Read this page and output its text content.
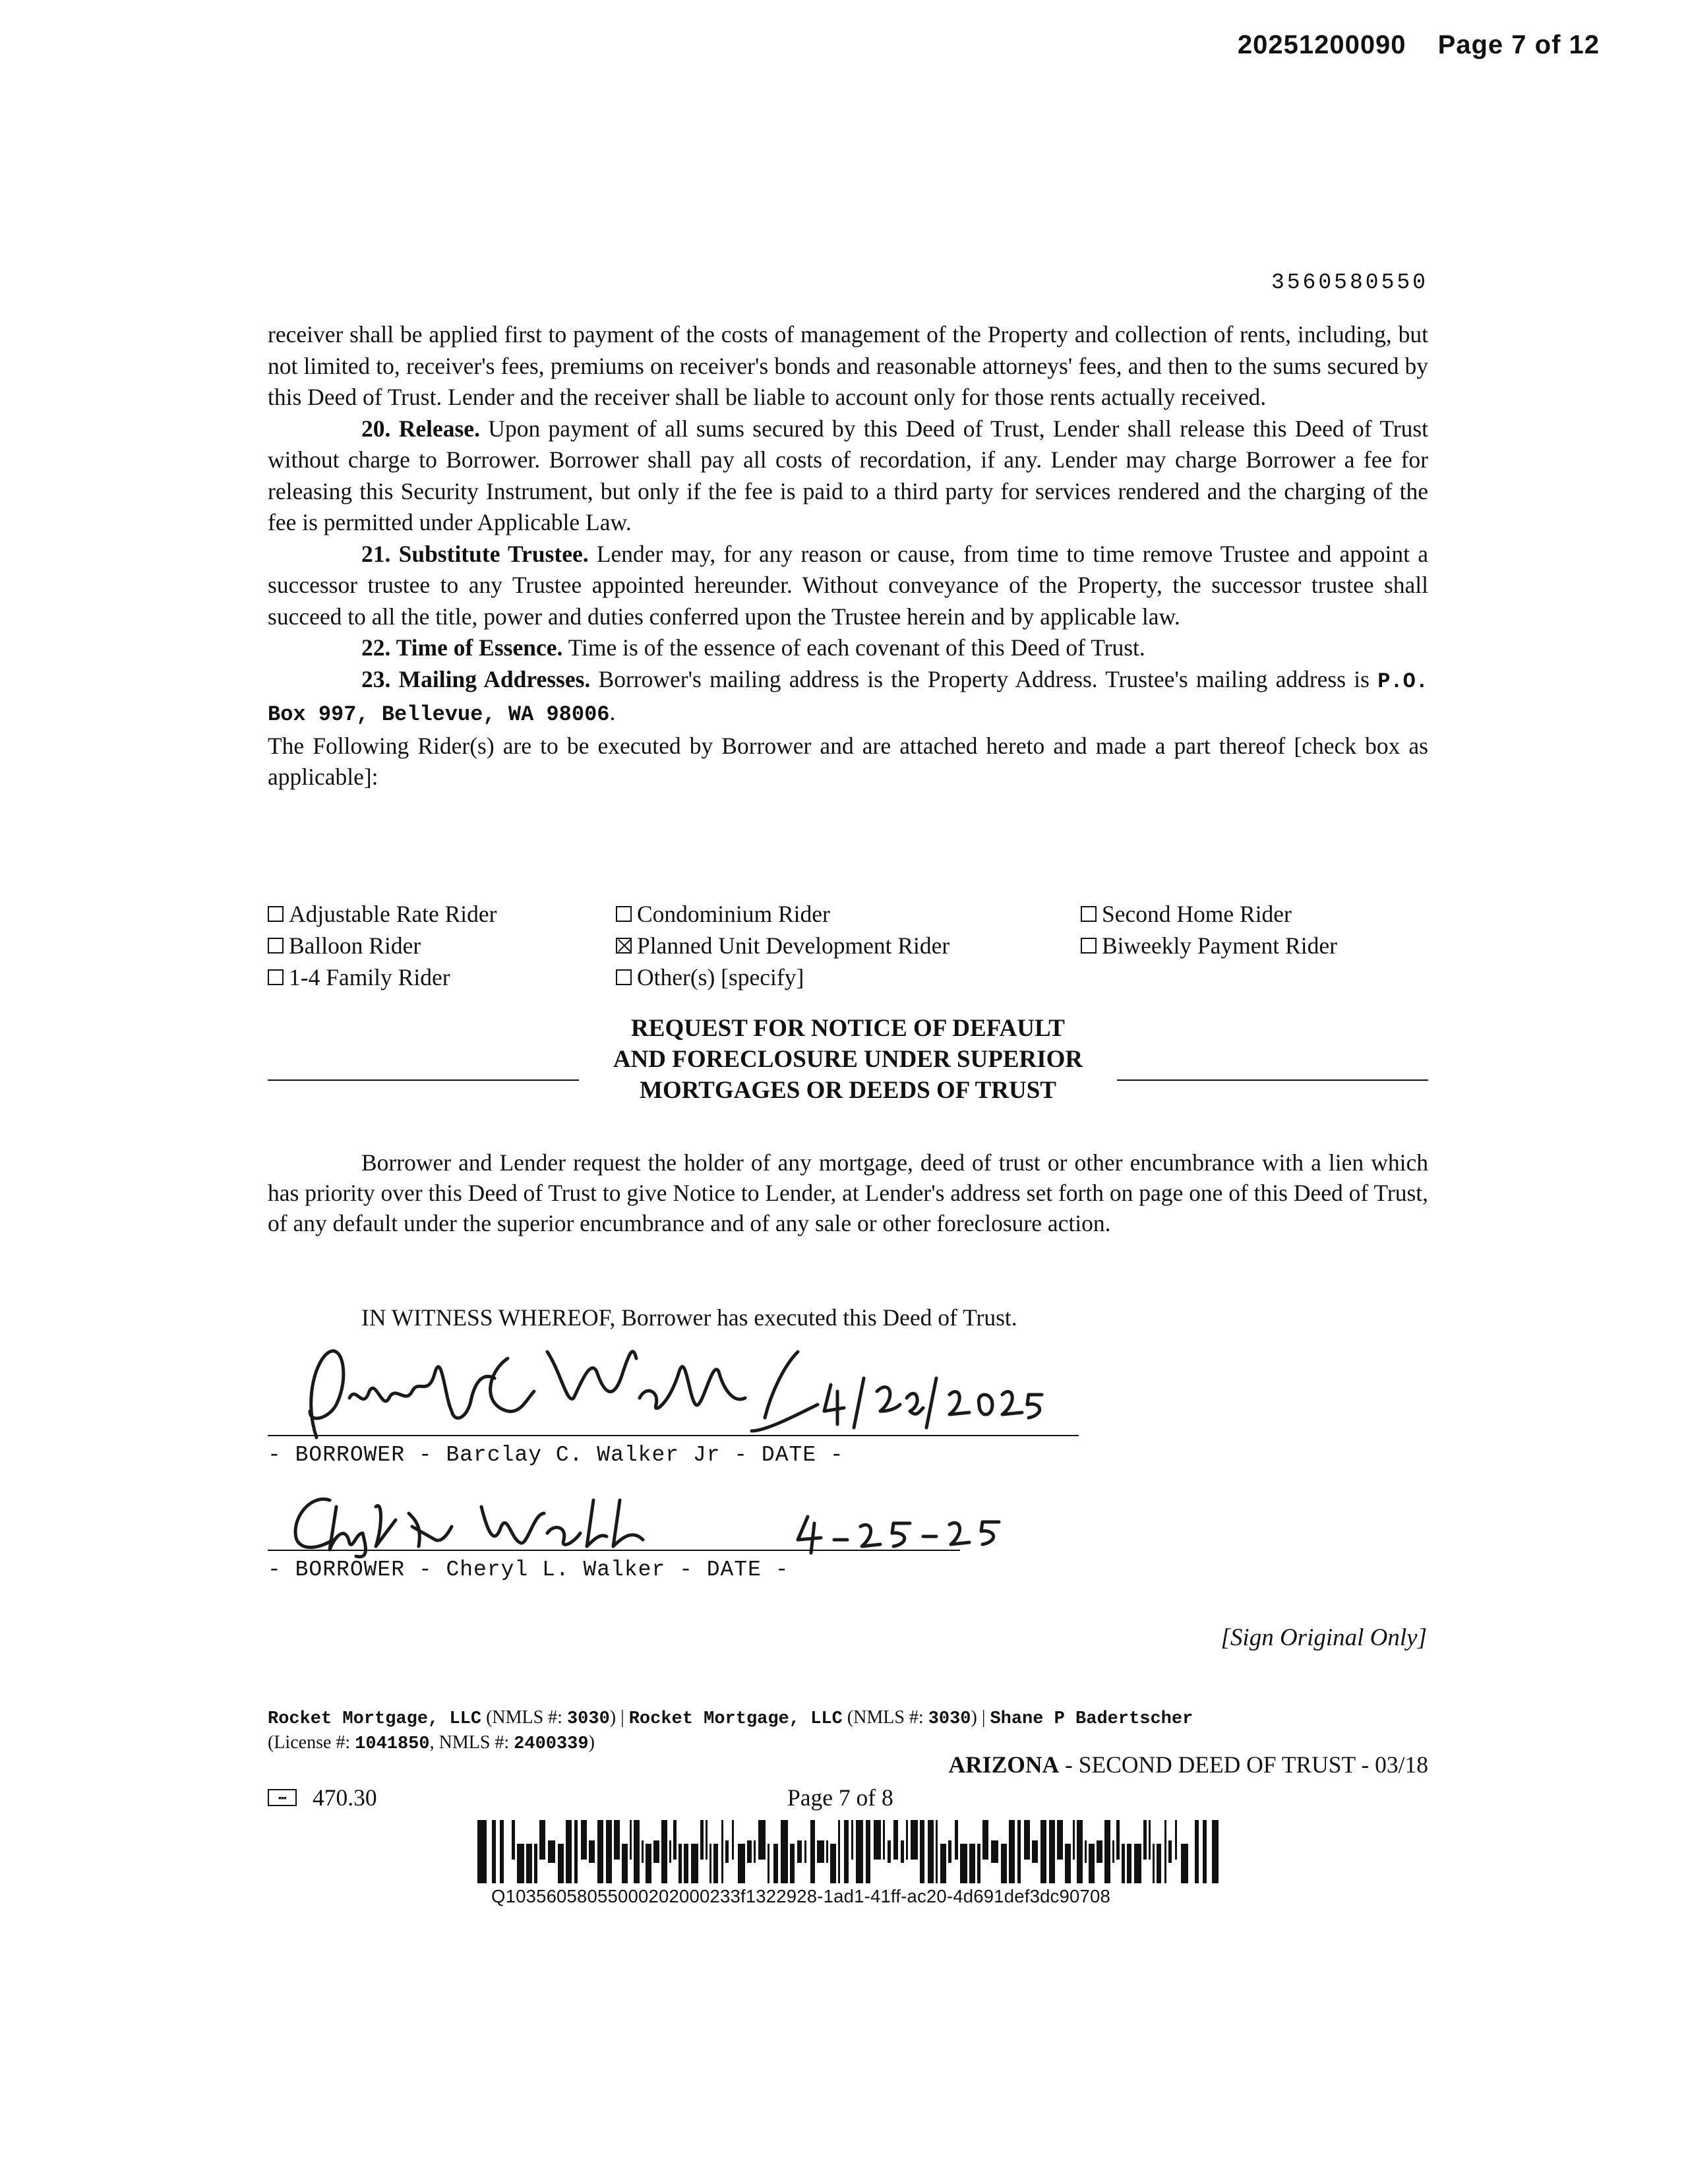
20251200090 Page 7 of 12
3560580550

receiver shall be applied first to payment of the costs of management of the Property and collection of rents, including, but not limited to, receiver's fees, premiums on receiver's bonds and reasonable attorneys' fees, and then to the sums secured by this Deed of Trust. Lender and the receiver shall be liable to account only for those rents actually received.

20. Release. Upon payment of all sums secured by this Deed of Trust, Lender shall release this Deed of Trust without charge to Borrower. Borrower shall pay all costs of recordation, if any. Lender may charge Borrower a fee for releasing this Security Instrument, but only if the fee is paid to a third party for services rendered and the charging of the fee is permitted under Applicable Law.

21. Substitute Trustee. Lender may, for any reason or cause, from time to time remove Trustee and appoint a successor trustee to any Trustee appointed hereunder. Without conveyance of the Property, the successor trustee shall succeed to all the title, power and duties conferred upon the Trustee herein and by applicable law.

22. Time of Essence. Time is of the essence of each covenant of this Deed of Trust.

23. Mailing Addresses. Borrower's mailing address is the Property Address. Trustee's mailing address is P.O. Box 997, Bellevue, WA 98006.

The Following Rider(s) are to be executed by Borrower and are attached hereto and made a part thereof [check box as applicable]:

Adjustable Rate Rider	Condominium Rider	Second Home Rider
Balloon Rider	Planned Unit Development Rider	Biweekly Payment Rider
1-4 Family Rider	Other(s) [specify]
REQUEST FOR NOTICE OF DEFAULT
AND FORECLOSURE UNDER SUPERIOR
MORTGAGES OR DEEDS OF TRUST

Borrower and Lender request the holder of any mortgage, deed of trust or other encumbrance with a lien which has priority over this Deed of Trust to give Notice to Lender, at Lender's address set forth on page one of this Deed of Trust, of any default under the superior encumbrance and of any sale or other foreclosure action.

IN WITNESS WHEREOF, Borrower has executed this Deed of Trust.

- BORROWER - Barclay C. Walker Jr - DATE -
- BORROWER - Cheryl L. Walker - DATE -
[Sign Original Only]
Rocket Mortgage, LLC (NMLS #: 3030) | Rocket Mortgage, LLC (NMLS #: 3030) | Shane P Badertscher
(License #: 1041850, NMLS #: 2400339)
ARIZONA - SECOND DEED OF TRUST - 03/18
▪▪▪	470.30	Page 7 of 8
Q10356058055000202000233f1322928-1ad1-41ff-ac20-4d691def3dc90708
